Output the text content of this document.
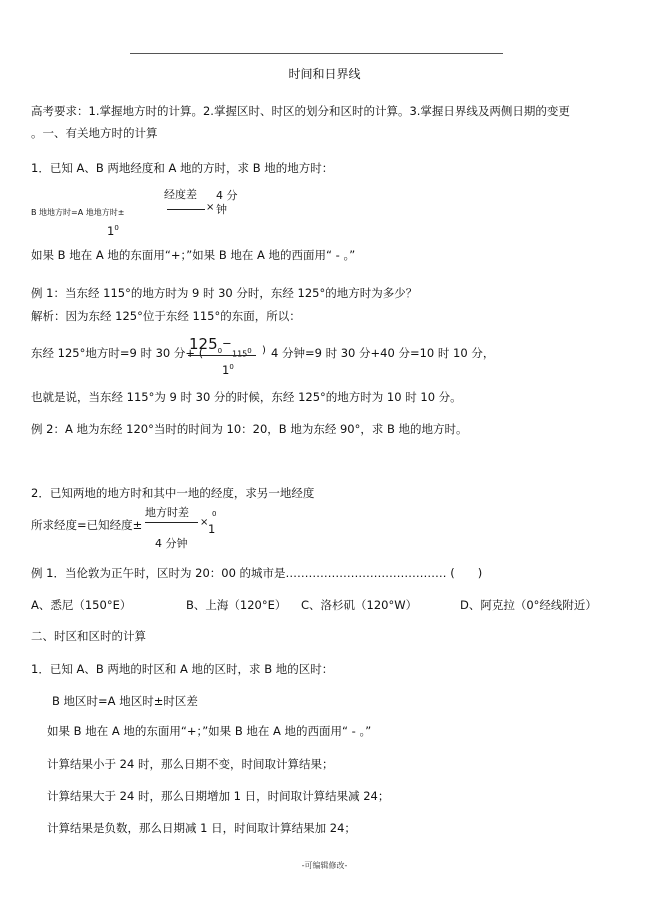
时间和日界线
高考要求：1.掌握地方时的计算。2.掌握区时、时区的划分和区时的计算。3.掌握日界线及两侧日期的变更
。一、有关地方时的计算
1．已知 A、B 两地经度和 A 地的方时，求 B 地的地方时：
B 地地方时=A 地地方时±
经度差
×
4 分
钟
$1^0$
如果 B 地在 A 地的东面用“+；”如果 B 地在 A 地的西面用“ - 。”
例 1：当东经 115°的地方时为 9 时 30 分时，东经 125°的地方时为多少？
解析：因为东经 125°位于东经 115°的东面，所以：
东经 125°地方时=9 时 30 分+ (
$125_0$
−
$115^0$ ) 4 分钟=9 时 30 分+40 分=10 时 10 分，
$1^0$
也就是说，当东经 115°为 9 时 30 分的时候，东经 125°的地方时为 10 时 10 分。
例 2：A 地为东经 120°当时的时间为 10：20，B 地为东经 90°，求 B 地的地方时。
2．已知两地的地方时和其中一地的经度，求另一地经度
所求经度=已知经度±
地方时差
4 分钟
× 1
0
例 1．当伦敦为正午时，区时为 20：00 的城市是…………………………………… (　　)
A、悉尼（150°E）	B、上海（120°E） C、洛杉矶（120°W）	D、阿克拉（0°经线附近）
二、时区和区时的计算
1．已知 A、B 两地的时区和 A 地的区时，求 B 地的区时：
B 地区时=A 地区时±时区差
如果 B 地在 A 地的东面用“+；”如果 B 地在 A 地的西面用“ - 。”
计算结果小于 24 时，那么日期不变，时间取计算结果；
计算结果大于 24 时，那么日期增加 1 日，时间取计算结果减 24；
计算结果是负数，那么日期减 1 日，时间取计算结果加 24；
-可编辑修改-
